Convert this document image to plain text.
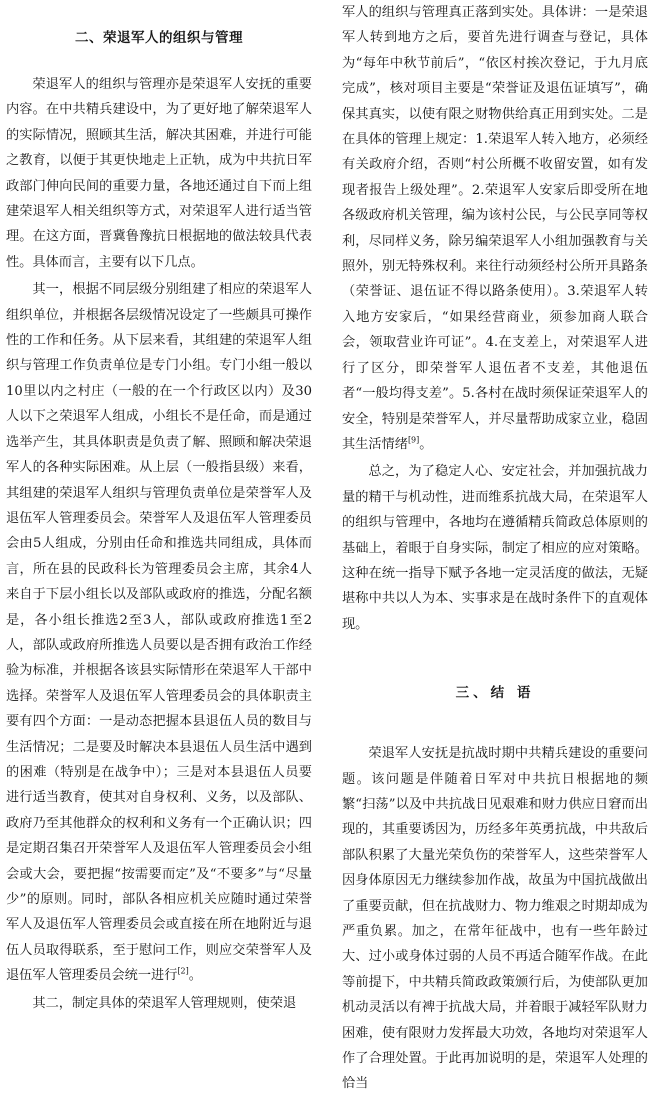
二、荣退军人的组织与管理

荣退军人的组织与管理亦是荣退军人安抚的重要内容。在中共精兵建设中，为了更好地了解荣退军人的实际情况，照顾其生活，解决其困难，并进行可能之教育，以便于其更快地走上正轨，成为中共抗日军政部门伸向民间的重要力量，各地还通过自下而上组建荣退军人相关组织等方式，对荣退军人进行适当管理。在这方面，晋冀鲁豫抗日根据地的做法较具代表性。具体而言，主要有以下几点。

其一，根据不同层级分别组建了相应的荣退军人组织单位，并根据各层级情况设定了一些颇具可操作性的工作和任务。从下层来看，其组建的荣退军人组织与管理工作负责单位是专门小组。专门小组一般以10里以内之村庄（一般的在一个行政区以内）及30人以下之荣退军人组成，小组长不是任命，而是通过选举产生，其具体职责是负责了解、照顾和解决荣退军人的各种实际困难。从上层（一般指县级）来看，其组建的荣退军人组织与管理负责单位是荣誉军人及退伍军人管理委员会。荣誉军人及退伍军人管理委员会由5人组成，分别由任命和推选共同组成，具体而言，所在县的民政科长为管理委员会主席，其余4人来自于下层小组长以及部队或政府的推选，分配名额是，各小组长推选2至3人，部队或政府推选1至2人，部队或政府所推选人员要以是否拥有政治工作经验为标准，并根据各该县实际情形在荣退军人干部中选择。荣誉军人及退伍军人管理委员会的具体职责主要有四个方面：一是动态把握本县退伍人员的数目与生活情况；二是要及时解决本县退伍人员生活中遇到的困难（特别是在战争中）；三是对本县退伍人员要进行适当教育，使其对自身权利、义务，以及部队、政府乃至其他群众的权利和义务有一个正确认识；四是定期召集召开荣誉军人及退伍军人管理委员会小组会或大会，要把握“按需要而定”及“不要多”与“尽量少”的原则。同时，部队各相应机关应随时通过荣誉军人及退伍军人管理委员会或直接在所在地附近与退伍人员取得联系，至于慰问工作，则应交荣誉军人及退伍军人管理委员会统一进行[2]。

其二，制定具体的荣退军人管理规则，使荣退

军人的组织与管理真正落到实处。具体讲：一是荣退军人转到地方之后，要首先进行调查与登记，具体为“每年中秋节前后”，“依区村挨次登记，于九月底完成”，核对项目主要是“荣誉证及退伍证填写”，确保其真实，以使有限之财物供给真正用到实处。二是在具体的管理上规定：1.荣退军人转入地方，必须经有关政府介绍，否则“村公所概不收留安置，如有发现者报告上级处理”。2.荣退军人安家后即受所在地各级政府机关管理，编为该村公民，与公民享同等权利，尽同样义务，除另编荣退军人小组加强教育与关照外，别无特殊权利。来往行动须经村公所开具路条（荣誉证、退伍证不得以路条使用）。3.荣退军人转入地方安家后，“如果经营商业，须参加商人联合会，领取营业许可证”。4.在支差上，对荣退军人进行了区分，即荣誉军人退伍者不支差，其他退伍者“一般均得支差”。5.各村在战时须保证荣退军人的安全，特别是荣誉军人，并尽量帮助成家立业，稳固其生活情绪[9]。

总之，为了稳定人心、安定社会，并加强抗战力量的精干与机动性，进而维系抗战大局，在荣退军人的组织与管理中，各地均在遵循精兵简政总体原则的基础上，着眼于自身实际，制定了相应的应对策略。这种在统一指导下赋予各地一定灵活度的做法，无疑堪称中共以人为本、实事求是在战时条件下的直观体现。

三、结 语

荣退军人安抚是抗战时期中共精兵建设的重要问题。该问题是伴随着日军对中共抗日根据地的频繁“扫荡”以及中共抗战日见艰难和财力供应日窘而出现的，其重要诱因为，历经多年英勇抗战，中共敌后部队积累了大量光荣负伤的荣誉军人，这些荣誉军人因身体原因无力继续参加作战，故虽为中国抗战做出了重要贡献，但在抗战财力、物力维艰之时期却成为严重负累。加之，在常年征战中，也有一些年龄过大、过小或身体过弱的人员不再适合随军作战。在此等前提下，中共精兵简政政策颁行后，为使部队更加机动灵活以有裨于抗战大局，并着眼于减轻军队财力困难，使有限财力发挥最大功效，各地均对荣退军人作了合理处置。于此再加说明的是，荣退军人处理的恰当
